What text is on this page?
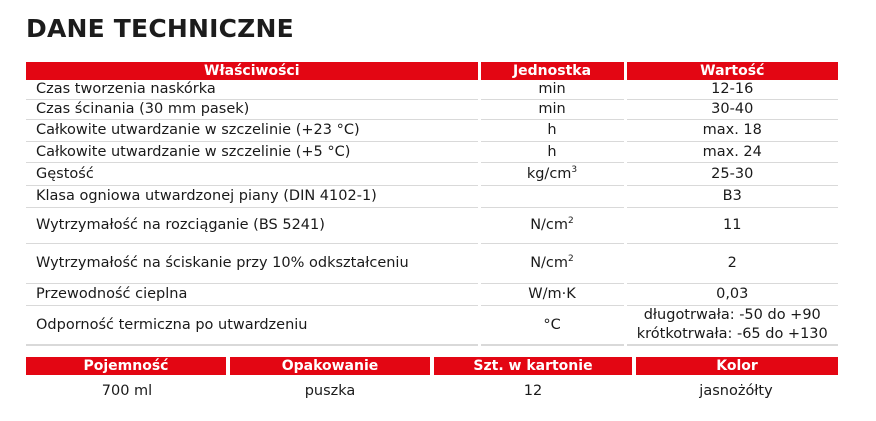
DANE TECHNICZNE
Właściwości	Jednostka	Wartość
Czas tworzenia naskórka	min	12-16
Czas ścinania (30 mm pasek)	min	30-40
Całkowite utwardzanie w szczelinie (+23 °C)	h	max. 18
Całkowite utwardzanie w szczelinie (+5 °C)	h	max. 24
Gęstość	$kg/cm^3$	25-30
Klasa ogniowa utwardzonej piany (DIN 4102-1)		B3
Wytrzymałość na rozciąganie (BS 5241)	$N/cm^2$	11
Wytrzymałość na ściskanie przy 10% odkształceniu	$N/cm^2$	2
Przewodność cieplna	W/m·K	0,03
Odporność termiczna po utwardzeniu	°C	długotrwała: -50 do +90
krótkotrwała: -65 do +130
Pojemność	Opakowanie	Szt. w kartonie	Kolor
700 ml	puszka	12	jasnożółty
